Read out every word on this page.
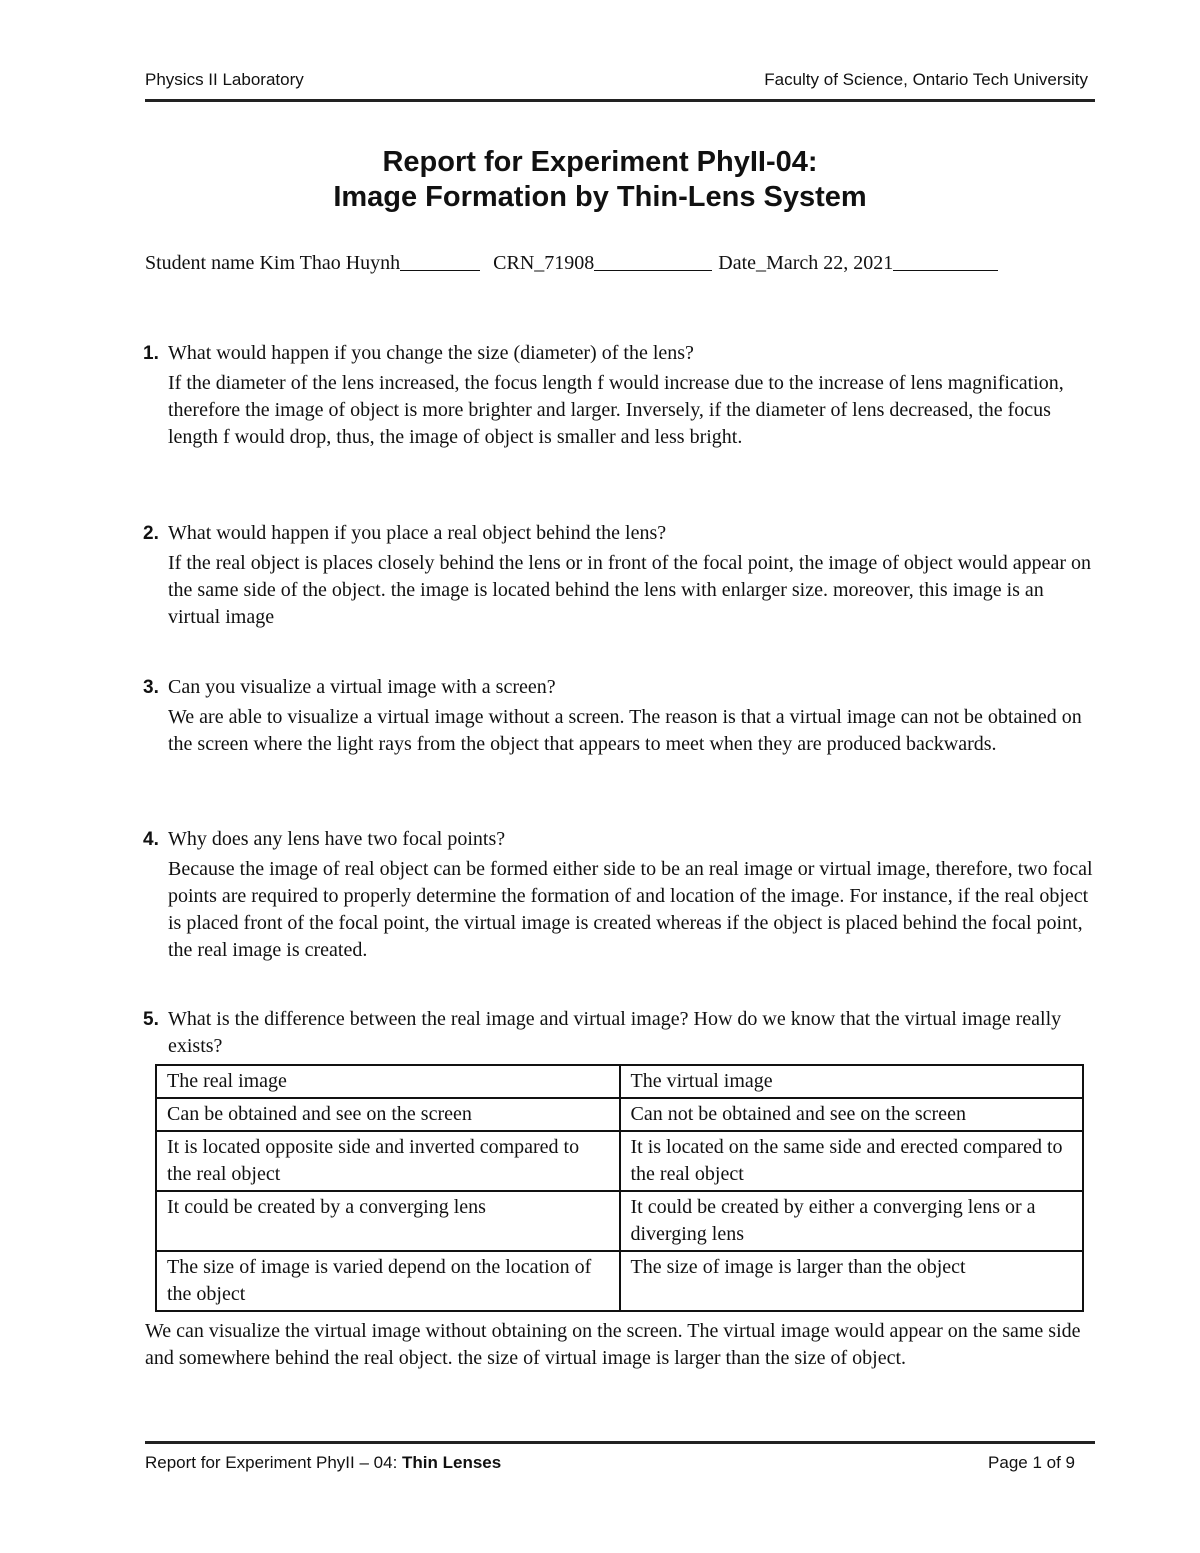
Physics II Laboratory	Faculty of Science, Ontario Tech University
Report for Experiment PhyII-04:
Image Formation by Thin-Lens System
Student name
Kim Thao Huynh	CRN_ 71908	Date_ March 22, 2021
1. What would happen if you change the size (diameter) of the lens?
If the diameter of the lens increased, the focus length f would increase due to the increase of lens magnification, therefore the image of object is more brighter and larger. Inversely, if the diameter of lens decreased, the focus length f would drop, thus, the image of object is smaller and less bright.
2. What would happen if you place a real object behind the lens?
If the real object is places closely behind the lens or in front of the focal point, the image of object would appear on the same side of the object. the image is located behind the lens with enlarger size. moreover, this image is an virtual image
3. Can you visualize a virtual image with a screen?
We are able to visualize a virtual image without a screen. The reason is that a virtual image can not be obtained on the screen where the light rays from the object that appears to meet when they are produced backwards.
4. Why does any lens have two focal points?
Because the image of real object can be formed either side to be an real image or virtual image, therefore, two focal points are required to properly determine the formation of and location of the image. For instance, if the real object is placed front of the focal point, the virtual image is created whereas if the object is placed behind the focal point, the real image is created.
5. What is the difference between the real image and virtual image? How do we know that the virtual image really exists?
The real image	The virtual image
Can be obtained and see on the screen	Can not be obtained and see on the screen
It is located opposite side and inverted compared to the real object	It is located on the same side and erected compared to the real object
It could be created by a converging lens	It could be created by either a converging lens or a diverging lens
The size of image is varied depend on the location of the object	The size of image is larger than the object
We can visualize the virtual image without obtaining on the screen. The virtual image would appear on the same side and somewhere behind the real object. the size of virtual image is larger than the size of object.
Report for Experiment PhyII – 04: Thin Lenses	Page 1 of 9
